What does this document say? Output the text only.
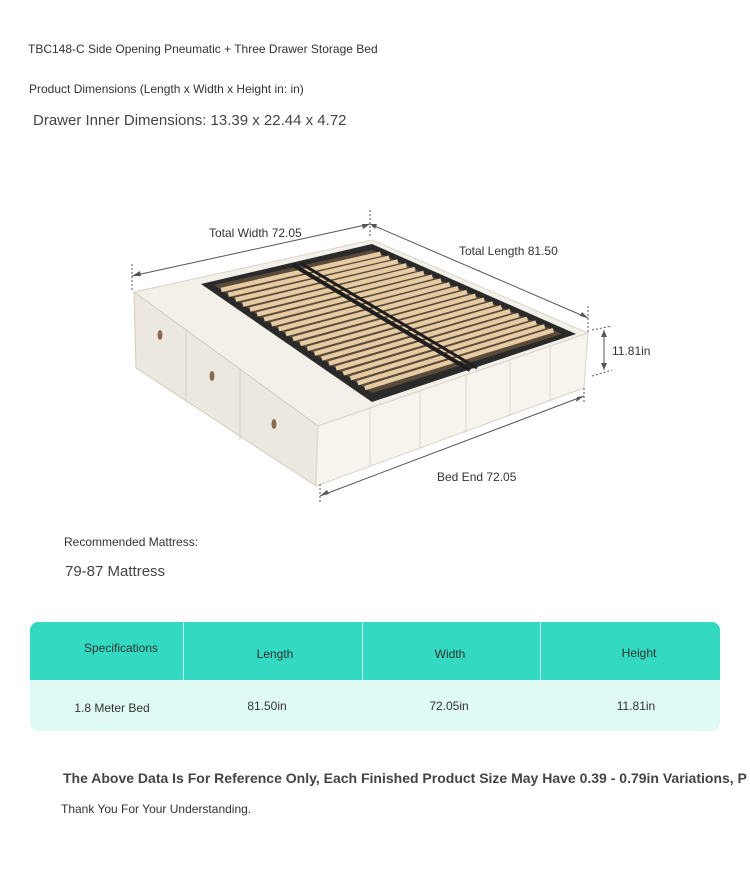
TBC148-C Side Opening Pneumatic + Three Drawer Storage Bed
Product Dimensions (Length x Width x Height in: in)
Drawer Inner Dimensions: 13.39 x 22.44 x 4.72
Total Width 72.05
Total Length 81.50
11.81in
Bed End 72.05
Recommended Mattress:
79-87 Mattress
Specifications	Length	Width	Height
1.8 Meter Bed	81.50in	72.05in	11.81in
The Above Data Is For Reference Only, Each Finished Product Size May Have 0.39 - 0.79in Variations, P
Thank You For Your Understanding.
